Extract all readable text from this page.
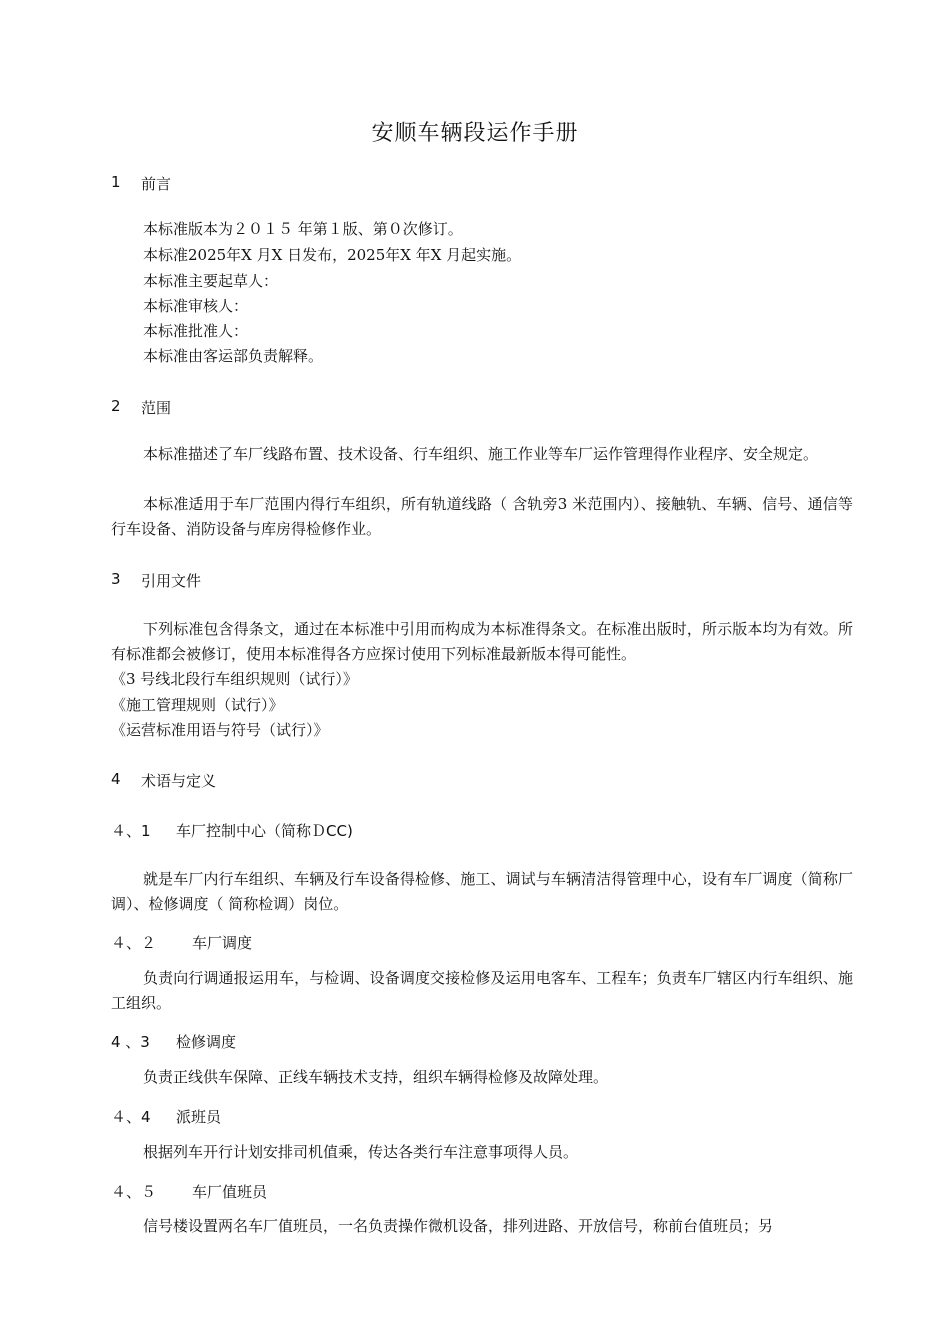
安顺车辆段运作手册
1 前言
本标准版本为２０１５ 年第１版、第０次修订。
本标准2025年X 月X 日发布，2025年X 年X 月起实施。
本标准主要起草人：
本标准审核人：
本标准批准人：
本标准由客运部负责解释。
2 范围
本标准描述了车厂线路布置、技术设备、行车组织、施工作业等车厂运作管理得作业程序、安全规定。
本标准适用于车厂范围内得行车组织，所有轨道线路（ 含轨旁3 米范围内）、接触轨、车辆、信号、通信等行车设备、消防设备与库房得检修作业。
3 引用文件
下列标准包含得条文，通过在本标准中引用而构成为本标准得条文。在标准出版时，所示版本均为有效。所有标准都会被修订，使用本标准得各方应探讨使用下列标准最新版本得可能性。
《3 号线北段行车组织规则（试行）》
《施工管理规则（试行）》
《运营标准用语与符号（试行）》
4 术语与定义
４、1 车厂控制中心（简称ＤCC)
就是车厂内行车组织、车辆及行车设备得检修、施工、调试与车辆清洁得管理中心，设有车厂调度（简称厂调）、检修调度（ 简称检调）岗位。
４、２ 车厂调度
负责向行调通报运用车，与检调、设备调度交接检修及运用电客车、工程车；负责车厂辖区内行车组织、施工组织。
4 、3 检修调度
负责正线供车保障、正线车辆技术支持，组织车辆得检修及故障处理。
４、4 派班员
根据列车开行计划安排司机值乘，传达各类行车注意事项得人员。
４、５ 车厂值班员
信号楼设置两名车厂值班员，一名负责操作微机设备，排列进路、开放信号，称前台值班员；另
